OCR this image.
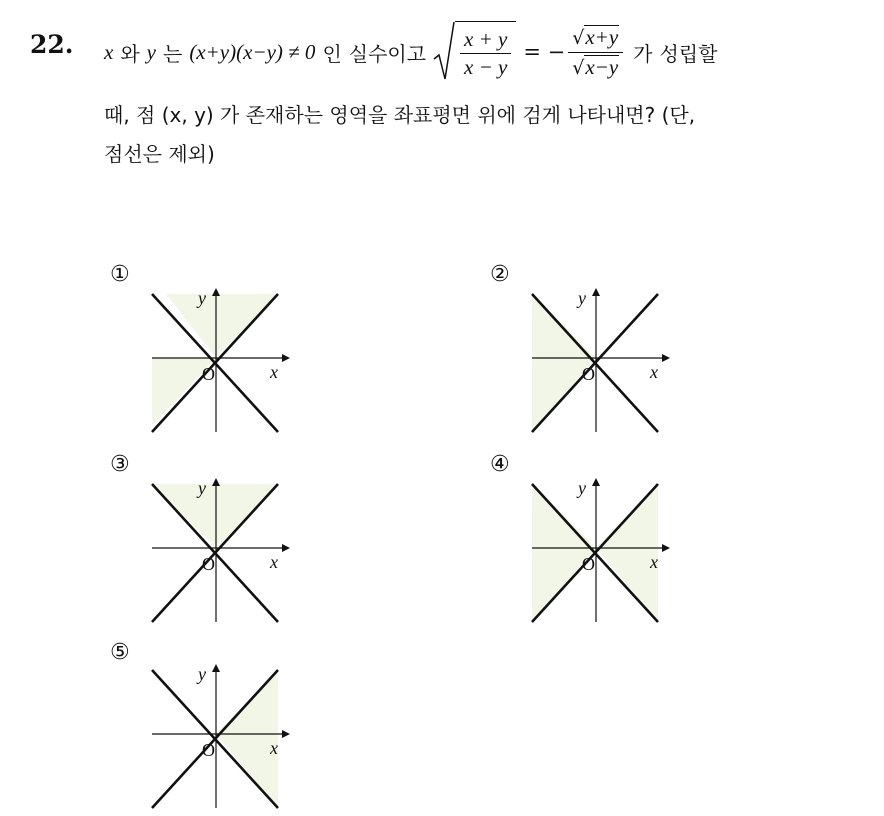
22. x 와 y 는 (x+y)(x−y) ≠ 0 인 실수이고 $\frac{x + y}{x - y}$ = − $\frac{√ x+y}{√ x-y}$ 가 성립할
때, 점 (x, y) 가 존재하는 영역을 좌표평면 위에 검게 나타내면? (단,
점선은 제외)
①
x
y
O
②
x
y
O
③
x
y
O
④
x
y
O
⑤
x
y
O
